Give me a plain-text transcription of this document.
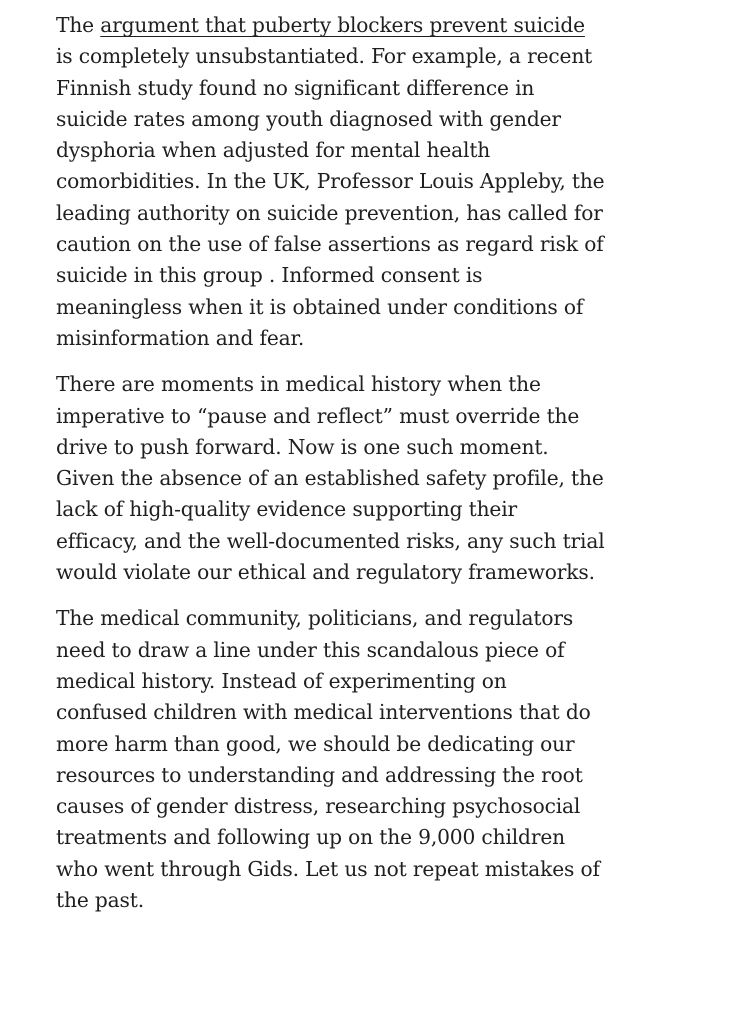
The argument that puberty blockers prevent suicide
is completely unsubstantiated. For example, a recent
Finnish study found no significant difference in
suicide rates among youth diagnosed with gender
dysphoria when adjusted for mental health
comorbidities. In the UK, Professor Louis Appleby, the
leading authority on suicide prevention, has called for
caution on the use of false assertions as regard risk of
suicide in this group . Informed consent is
meaningless when it is obtained under conditions of
misinformation and fear.

There are moments in medical history when the
imperative to “pause and reflect” must override the
drive to push forward. Now is one such moment.
Given the absence of an established safety profile, the
lack of high-quality evidence supporting their
efficacy, and the well-documented risks, any such trial
would violate our ethical and regulatory frameworks.

The medical community, politicians, and regulators
need to draw a line under this scandalous piece of
medical history. Instead of experimenting on
confused children with medical interventions that do
more harm than good, we should be dedicating our
resources to understanding and addressing the root
causes of gender distress, researching psychosocial
treatments and following up on the 9,000 children
who went through Gids. Let us not repeat mistakes of
the past.
